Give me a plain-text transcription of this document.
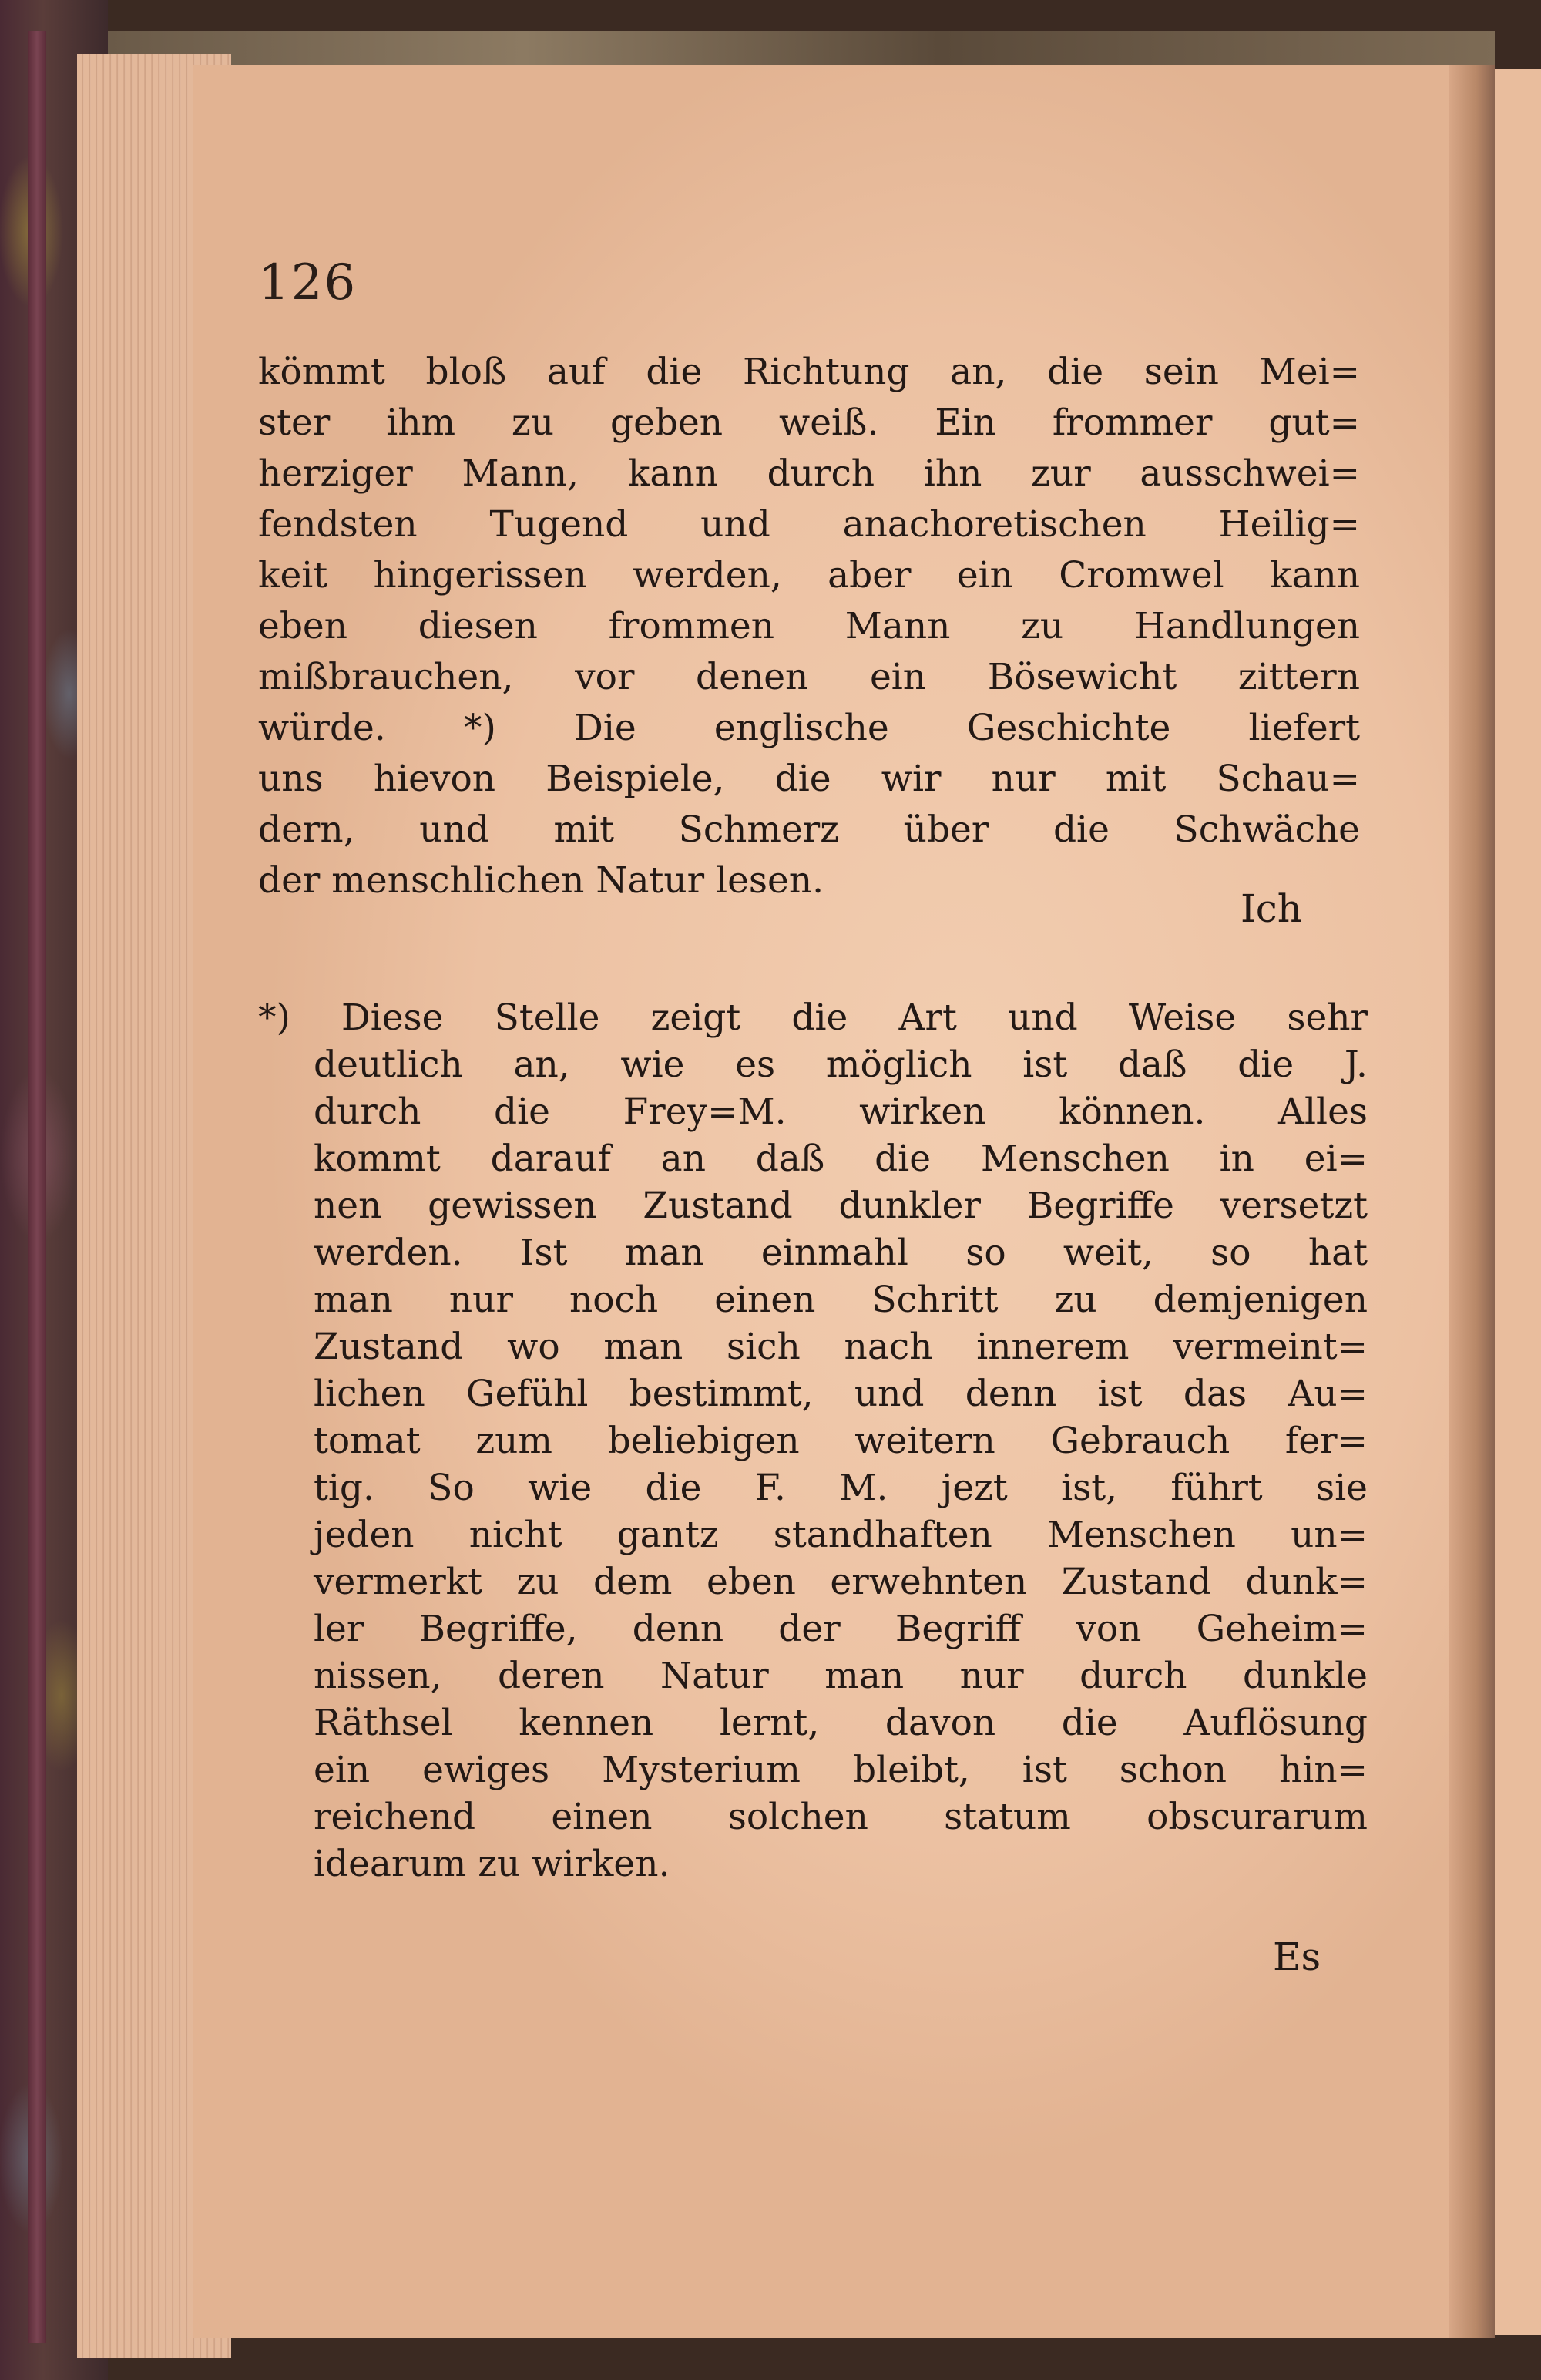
126
kömmt bloß auf die Richtung an, die sein Mei=
ster ihm zu geben weiß. Ein frommer gut=
herziger Mann, kann durch ihn zur ausschwei=
fendsten Tugend und anachoretischen Heilig=
keit hingerissen werden, aber ein Cromwel kann
eben diesen frommen Mann zu Handlungen
mißbrauchen, vor denen ein Bösewicht zittern
würde. *) Die englische Geschichte liefert
uns hievon Beispiele, die wir nur mit Schau=
dern, und mit Schmerz über die Schwäche
der menschlichen Natur lesen.
Ich
*) Diese Stelle zeigt die Art und Weise sehr
deutlich an, wie es möglich ist daß die J.
durch die Frey=M. wirken können. Alles
kommt darauf an daß die Menschen in ei=
nen gewissen Zustand dunkler Begriffe versetzt
werden. Ist man einmahl so weit, so hat
man nur noch einen Schritt zu demjenigen
Zustand wo man sich nach innerem vermeint=
lichen Gefühl bestimmt, und denn ist das Au=
tomat zum beliebigen weitern Gebrauch fer=
tig. So wie die F. M. jezt ist, führt sie
jeden nicht gantz standhaften Menschen un=
vermerkt zu dem eben erwehnten Zustand dunk=
ler Begriffe, denn der Begriff von Geheim=
nissen, deren Natur man nur durch dunkle
Räthsel kennen lernt, davon die Auflösung
ein ewiges Mysterium bleibt, ist schon hin=
reichend einen solchen statum obscurarum
idearum zu wirken.
Es
